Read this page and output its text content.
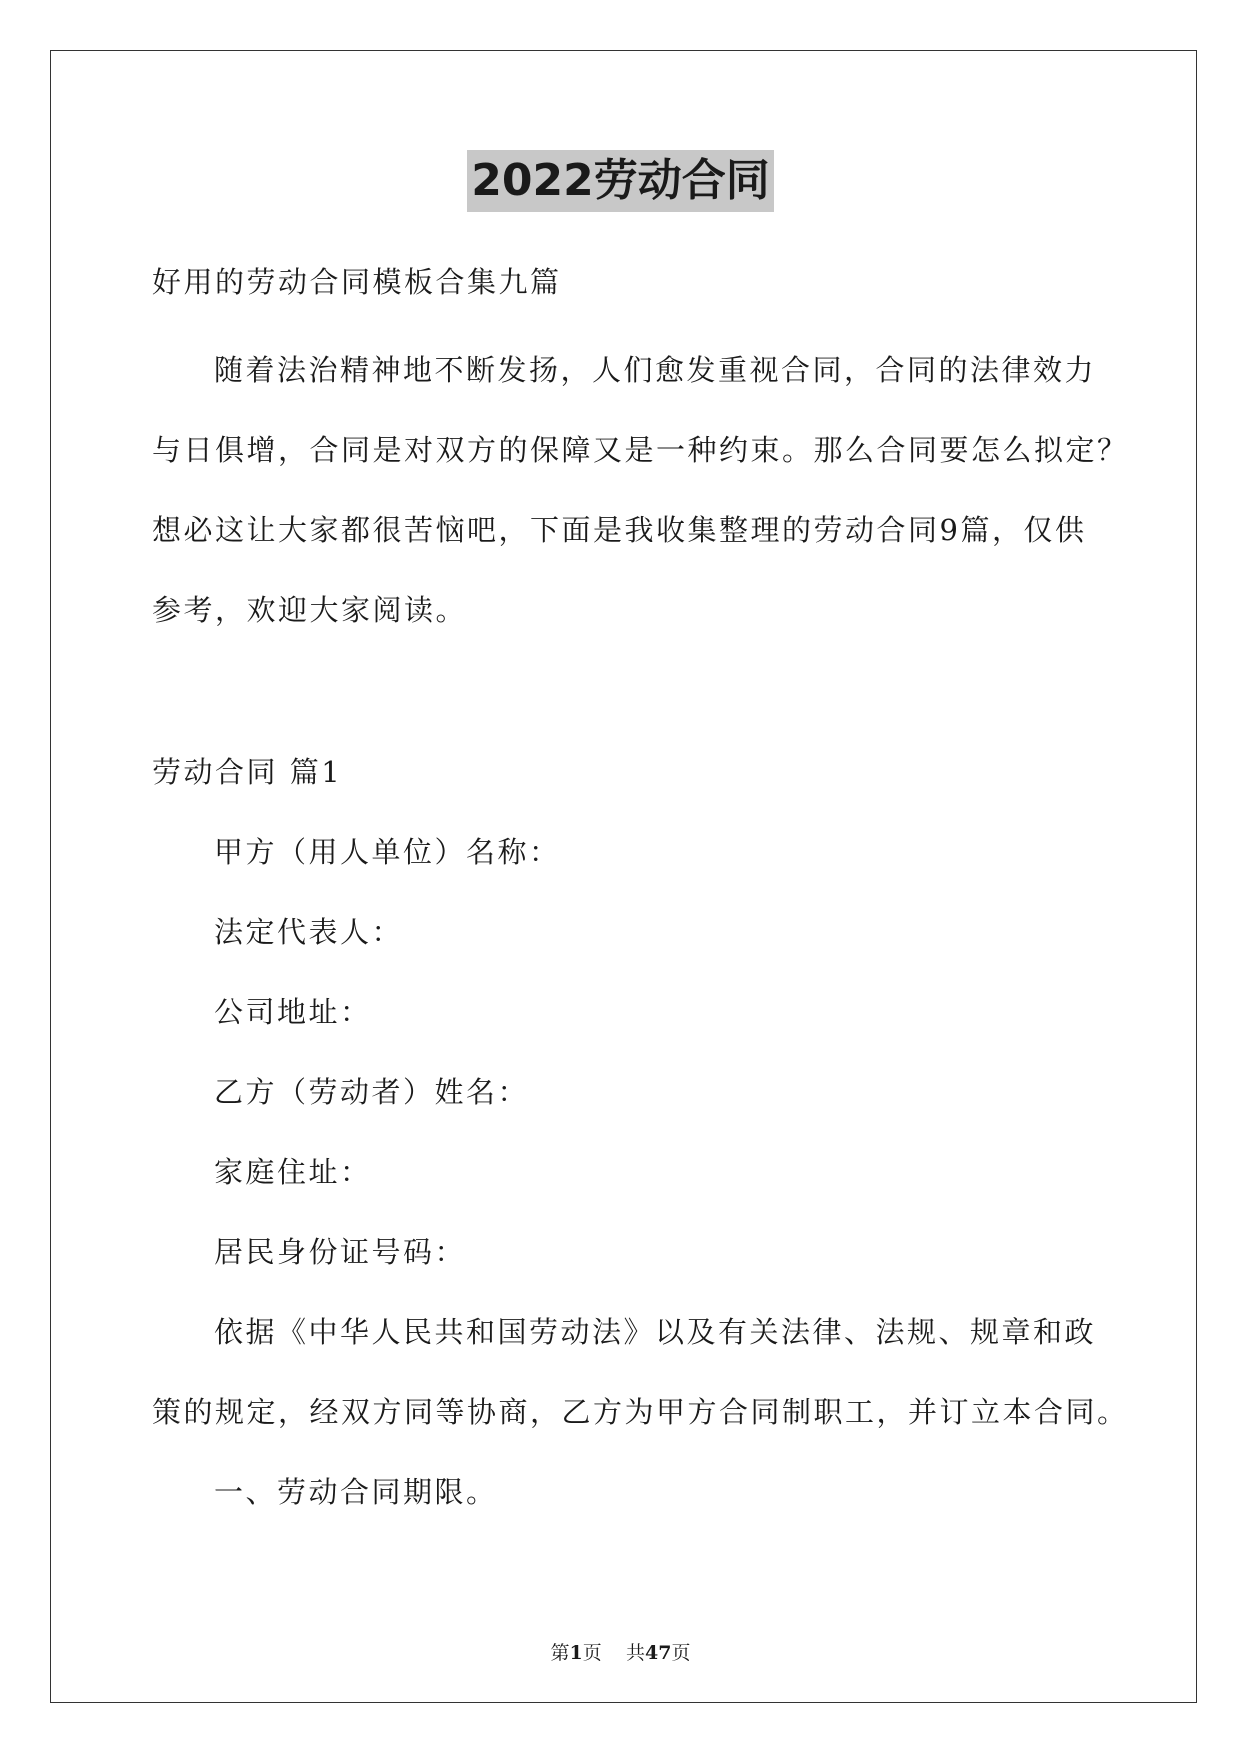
2022劳动合同
好用的劳动合同模板合集九篇
随着法治精神地不断发扬，人们愈发重视合同，合同的法律效力
与日俱增，合同是对双方的保障又是一种约束。那么合同要怎么拟定？
想必这让大家都很苦恼吧，下面是我收集整理的劳动合同9篇，仅供
参考，欢迎大家阅读。
劳动合同 篇1
甲方（用人单位）名称：
法定代表人：
公司地址：
乙方（劳动者）姓名：
家庭住址：
居民身份证号码：
依据《中华人民共和国劳动法》以及有关法律、法规、规章和政
策的规定，经双方同等协商，乙方为甲方合同制职工，并订立本合同。
一、劳动合同期限。
第1页 共47页
